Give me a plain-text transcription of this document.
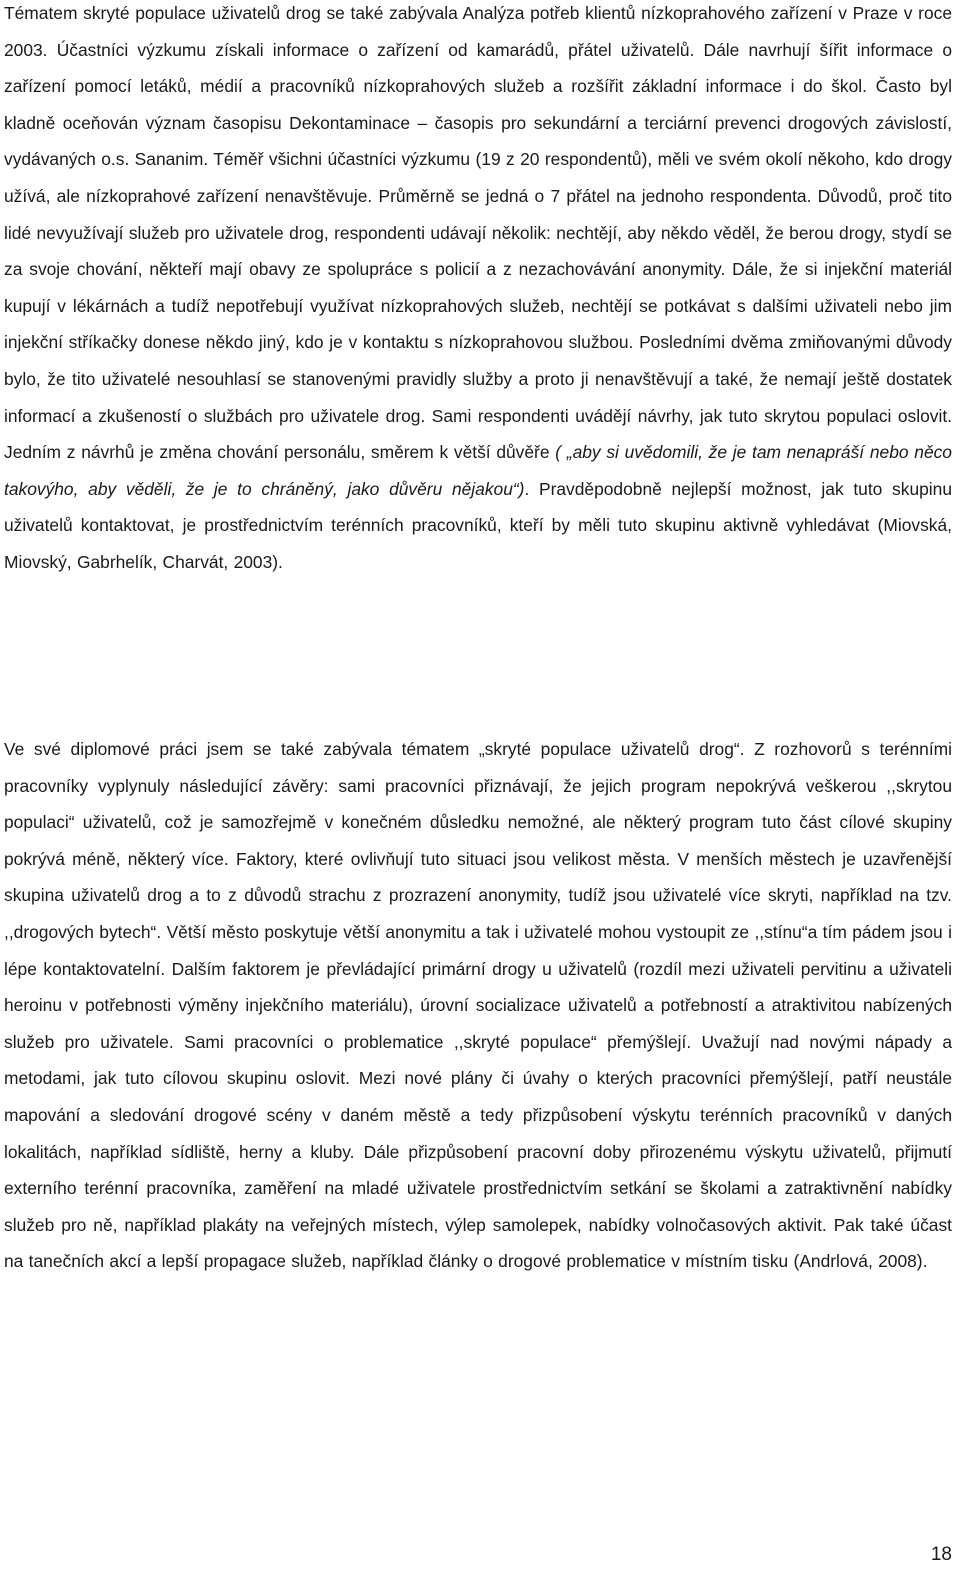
Tématem skryté populace uživatelů drog se také zabývala Analýza potřeb klientů nízkoprahového zařízení v Praze v roce 2003. Účastníci výzkumu získali informace o zařízení od kamarádů, přátel uživatelů. Dále navrhují šířit informace o zařízení pomocí letáků, médií a pracovníků nízkoprahových služeb a rozšířit základní informace i do škol. Často byl kladně oceňován význam časopisu Dekontaminace – časopis pro sekundární a terciární prevenci drogových závislostí, vydávaných o.s. Sananim. Téměř všichni účastníci výzkumu (19 z 20 respondentů), měli ve svém okolí někoho, kdo drogy užívá, ale nízkoprahové zařízení nenavštěvuje. Průměrně se jedná o 7 přátel na jednoho respondenta. Důvodů, proč tito lidé nevyužívají služeb pro uživatele drog, respondenti udávají několik: nechtějí, aby někdo věděl, že berou drogy, stydí se za svoje chování, někteří mají obavy ze spolupráce s policií a z nezachovávání anonymity. Dále, že si injekční materiál kupují v lékárnách a tudíž nepotřebují využívat nízkoprahových služeb, nechtějí se potkávat s dalšími uživateli nebo jim injekční stříkačky donese někdo jiný, kdo je v kontaktu s nízkoprahovou službou. Posledními dvěma zmiňovanými důvody bylo, že tito uživatelé nesouhlasí se stanovenými pravidly služby a proto ji nenavštěvují a také, že nemají ještě dostatek informací a zkušeností o službách pro uživatele drog. Sami respondenti uvádějí návrhy, jak tuto skrytou populaci oslovit. Jedním z návrhů je změna chování personálu, směrem k větší důvěře ( „aby si uvědomili, že je tam nenapráší nebo něco takovýho, aby věděli, že je to chráněný, jako důvěru nějakou“). Pravděpodobně nejlepší možnost, jak tuto skupinu uživatelů kontaktovat, je prostřednictvím terénních pracovníků, kteří by měli tuto skupinu aktivně vyhledávat (Miovská, Miovský, Gabrhelík, Charvát, 2003).

Ve své diplomové práci jsem se také zabývala tématem „skryté populace uživatelů drog“. Z rozhovorů s terénními pracovníky vyplynuly následující závěry: sami pracovníci přiznávají, že jejich program nepokrývá veškerou ,,skrytou populaci“ uživatelů, což je samozřejmě v konečném důsledku nemožné, ale některý program tuto část cílové skupiny pokrývá méně, některý více. Faktory, které ovlivňují tuto situaci jsou velikost města. V menších městech je uzavřenější skupina uživatelů drog a to z důvodů strachu z prozrazení anonymity, tudíž jsou uživatelé více skryti, například na tzv. ,,drogových bytech“. Větší město poskytuje větší anonymitu a tak i uživatelé mohou vystoupit ze ,,stínu“a tím pádem jsou i lépe kontaktovatelní. Dalším faktorem je převládající primární drogy u uživatelů (rozdíl mezi uživateli pervitinu a uživateli heroinu v potřebnosti výměny injekčního materiálu), úrovní socializace uživatelů a potřebností a atraktivitou nabízených služeb pro uživatele. Sami pracovníci o problematice ,,skryté populace“ přemýšlejí. Uvažují nad novými nápady a metodami, jak tuto cílovou skupinu oslovit. Mezi nové plány či úvahy o kterých pracovníci přemýšlejí, patří neustále mapování a sledování drogové scény v daném městě a tedy přizpůsobení výskytu terénních pracovníků v daných lokalitách, například sídliště, herny a kluby. Dále přizpůsobení pracovní doby přirozenému výskytu uživatelů, přijmutí externího terénní pracovníka, zaměření na mladé uživatele prostřednictvím setkání se školami a zatraktivnění nabídky služeb pro ně, například plakáty na veřejných místech, výlep samolepek, nabídky volnočasových aktivit. Pak také účast na tanečních akcí a lepší propagace služeb, například články o drogové problematice v místním tisku (Andrlová, 2008).

18
